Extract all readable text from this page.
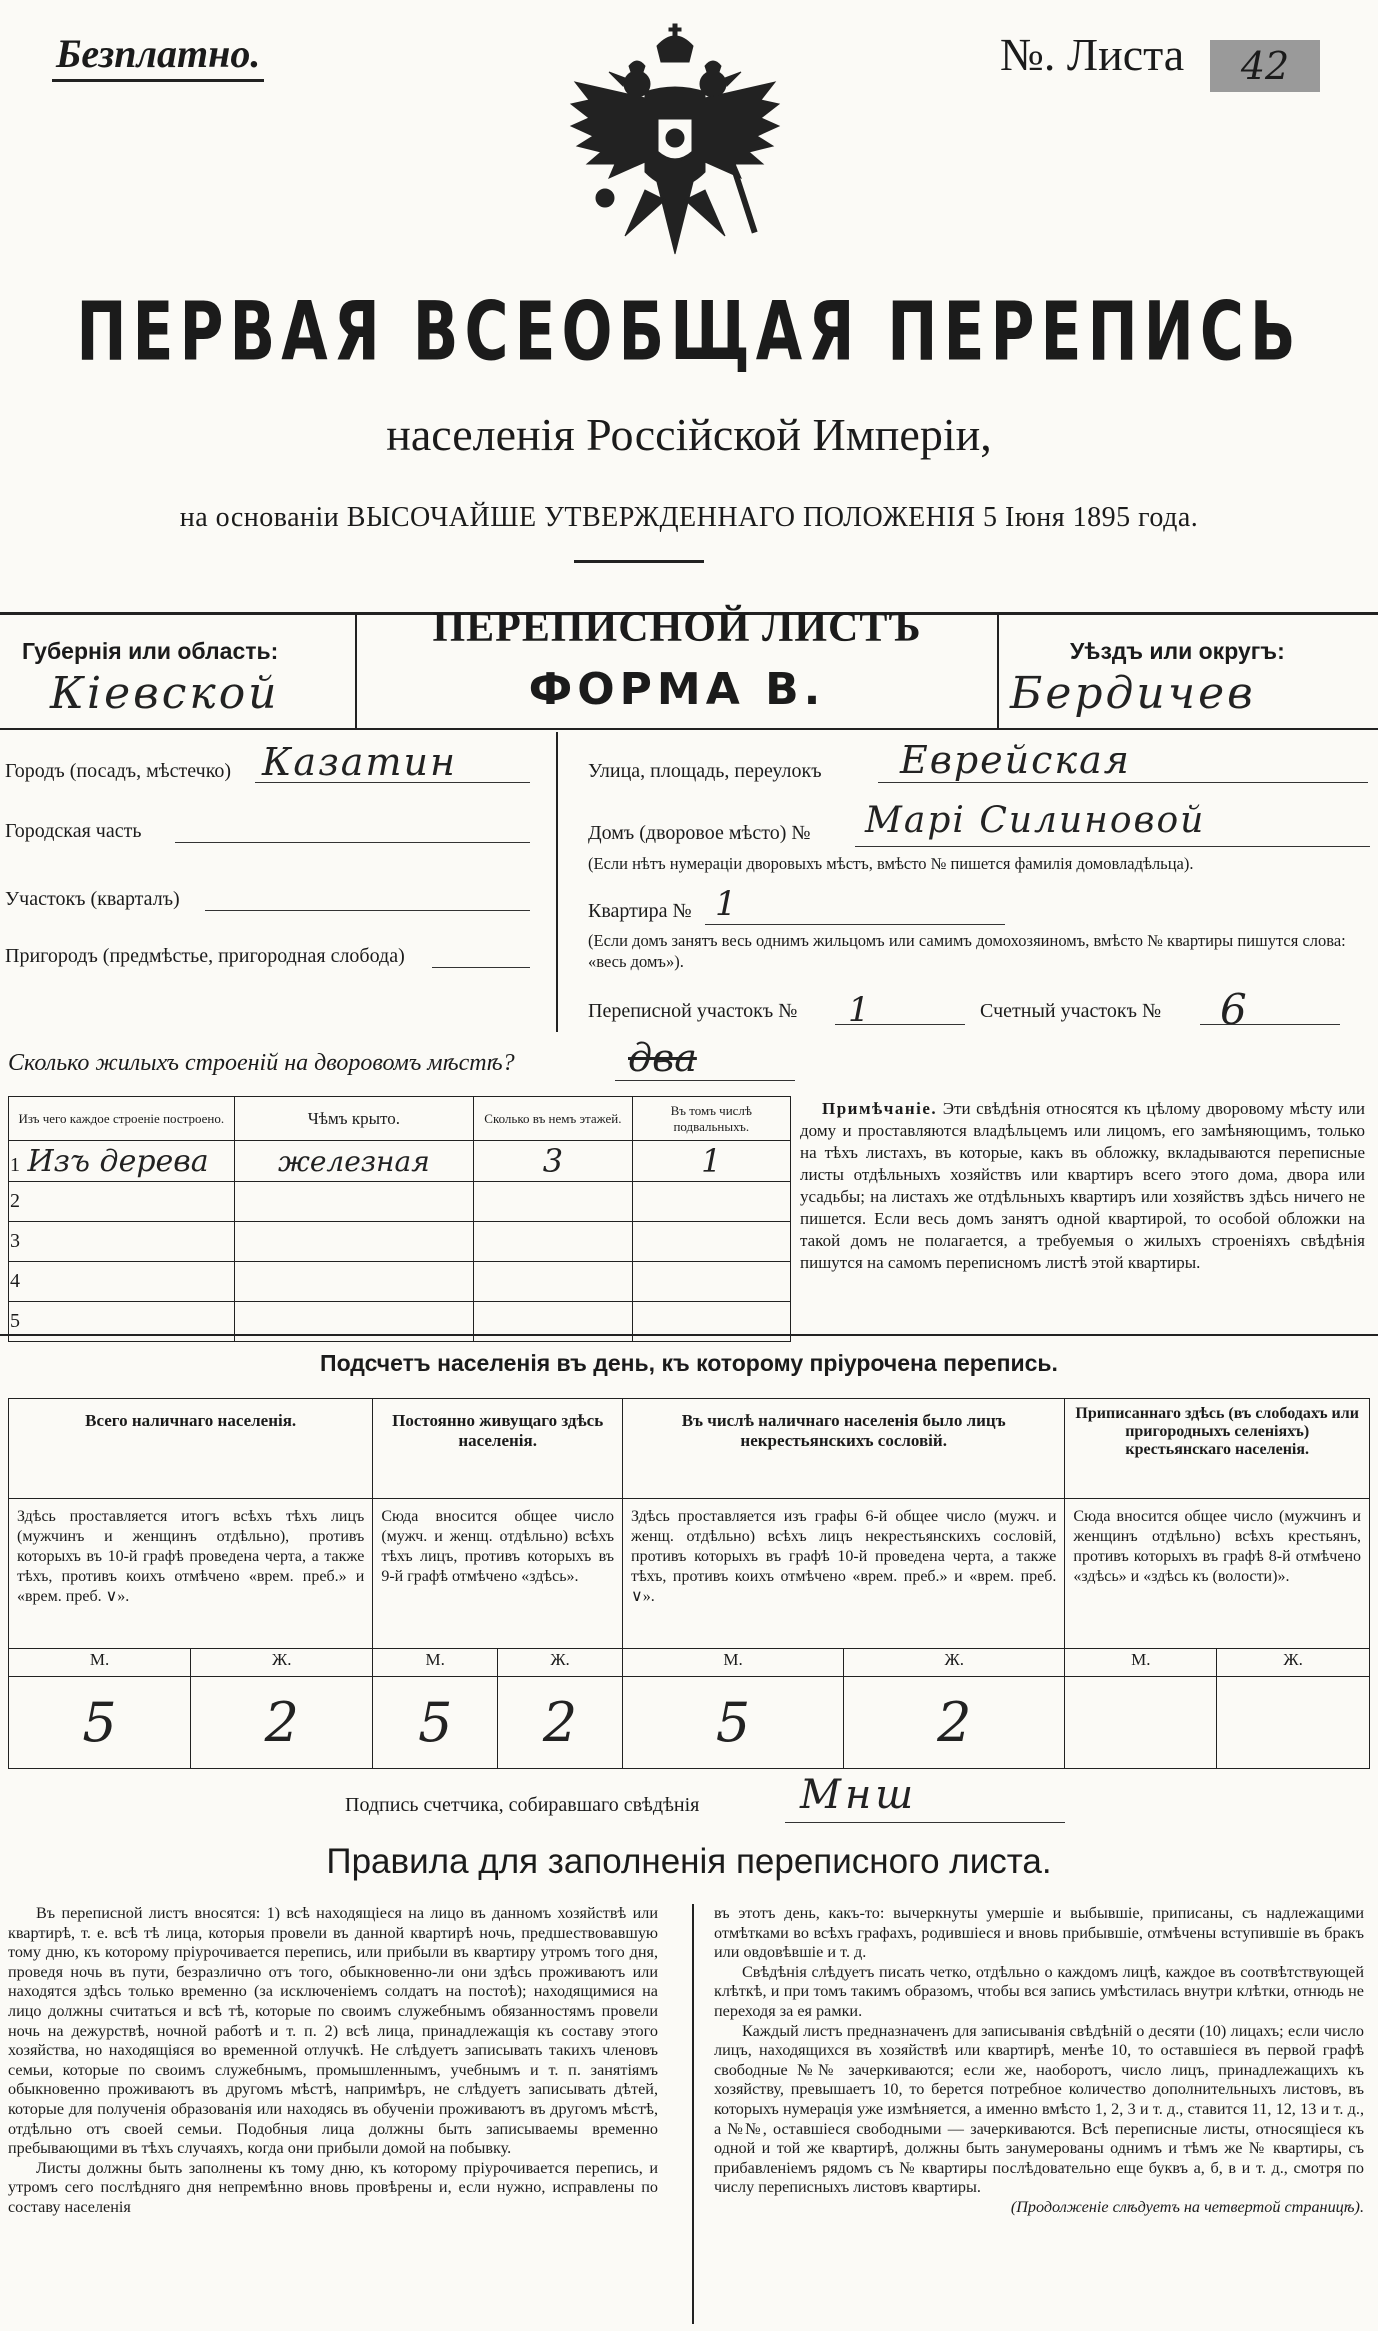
Безплатно.	№. Листа	42
ПЕРВАЯ ВСЕОБЩАЯ ПЕРЕПИСЬ
населенія Россійской Имперіи,
на основаніи ВЫСОЧАЙШЕ УТВЕРЖДЕННАГО ПОЛОЖЕНІЯ 5 Іюня 1895 года.
Губернія или область:
Кіевской
ПЕРЕПИСНОЙ ЛИСТЪ
ФОРМА В.
Уѣздъ или округъ:
Бердичев
Городъ (посадъ, мѣстечко) Казатин
Городская часть
Участокъ (кварталъ)
Пригородъ (предмѣстье, пригородная слобода)
Улица, площадь, переулокъ Еврейская
Домъ (дворовое мѣсто) № Марі Силиновой
(Если нѣтъ нумераціи дворовыхъ мѣстъ, вмѣсто № пишется фамилія домовладѣльца).
Квартира № 1
(Если домъ занятъ весь однимъ жильцомъ или самимъ домохозяиномъ, вмѣсто № квартиры пишутся слова: «весь домъ»).
Переписной участокъ № 1	Счетный участокъ № 6
Сколько жилыхъ строеній на дворовомъ мѣстѣ?	два
Изъ чего каждое строеніе построено.	Чѣмъ крыто.	Сколько въ немъ этажей.	Въ томъ числѣ подвальныхъ.
1 Изъ дерева	железная	3	1
2			
3			
4			
5			
Примѣчаніе. Эти свѣдѣнія относятся къ цѣлому дворовому мѣсту или дому и проставляются владѣльцемъ или лицомъ, его замѣняющимъ, только на тѣхъ листахъ, въ которые, какъ въ обложку, вкладываются переписные листы отдѣльныхъ хозяйствъ или квартиръ всего этого дома, двора или усадьбы; на листахъ же отдѣльныхъ квартиръ или хозяйствъ здѣсь ничего не пишется. Если весь домъ занятъ одной квартирой, то особой обложки на такой домъ не полагается, а требуемыя о жилыхъ строеніяхъ свѣдѣнія пишутся на самомъ переписномъ листѣ этой квартиры.
Подсчетъ населенія въ день, къ которому пріурочена перепись.
Всего наличнаго населенія.		Постоянно живущаго здѣсь населенія.		Въ числѣ наличнаго населенія было лицъ некрестьянскихъ сословій.		Приписаннаго здѣсь (въ слободахъ или пригородныхъ селеніяхъ) крестьянскаго населенія.	
Здѣсь проставляется итогъ всѣхъ тѣхъ лицъ (мужчинъ и женщинъ отдѣльно), противъ которыхъ въ 10-й графѣ проведена черта, а также тѣхъ, противъ коихъ отмѣчено «врем. преб.» и «врем. преб. ∨».		Сюда вносится общее число (мужч. и женщ. отдѣльно) всѣхъ тѣхъ лицъ, противъ которыхъ въ 9-й графѣ отмѣчено «здѣсь».		Здѣсь проставляется изъ графы 6-й общее число (мужч. и женщ. отдѣльно) всѣхъ лицъ некрестьянскихъ сословій, противъ которыхъ въ графѣ 10-й проведена черта, а также тѣхъ, противъ коихъ отмѣчено «врем. преб.» и «врем. преб. ∨».		Сюда вносится общее число (мужчинъ и женщинъ отдѣльно) всѣхъ крестьянъ, противъ которыхъ въ графѣ 8-й отмѣчено «здѣсь» и «здѣсь къ (волости)».	
М.	Ж.	М.	Ж.	М.	Ж.	М.	Ж.
5	2	5	2	5	2		
Подпись счетчика, собиравшаго свѣдѣнія	Мнш
Правила для заполненія переписного листа.

Въ переписной листъ вносятся: 1) всѣ находящіеся на лицо въ данномъ хозяйствѣ или квартирѣ, т. е. всѣ тѣ лица, которыя провели въ данной квартирѣ ночь, предшествовавшую тому дню, къ которому пріурочивается перепись, или прибыли въ квартиру утромъ того дня, проведя ночь въ пути, безразлично отъ того, обыкновенно-ли они здѣсь проживаютъ или находятся здѣсь только временно (за исключеніемъ солдатъ на постоѣ); находящимися на лицо должны считаться и всѣ тѣ, которые по своимъ служебнымъ обязанностямъ провели ночь на дежурствѣ, ночной работѣ и т. п. 2) всѣ лица, принадлежащія къ составу этого хозяйства, но находящіяся во временной отлучкѣ. Не слѣдуетъ записывать такихъ членовъ семьи, которые по своимъ служебнымъ, промышленнымъ, учебнымъ и т. п. занятіямъ обыкновенно проживаютъ въ другомъ мѣстѣ, напримѣръ, не слѣдуетъ записывать дѣтей, которые для полученія образованія или находясь въ обученіи проживаютъ въ другомъ мѣстѣ, отдѣльно отъ своей семьи. Подобныя лица должны быть записываемы временно пребывающими въ тѣхъ случаяхъ, когда они прибыли домой на побывку.

Листы должны быть заполнены къ тому дню, къ которому пріурочивается перепись, и утромъ сего послѣдняго дня непремѣнно вновь провѣрены и, если нужно, исправлены по составу населенія

въ этотъ день, какъ-то: вычеркнуты умершіе и выбывшіе, приписаны, съ надлежащими отмѣтками во всѣхъ графахъ, родившіеся и вновь прибывшіе, отмѣчены вступившіе въ бракъ или овдовѣвшіе и т. д.

Свѣдѣнія слѣдуетъ писать четко, отдѣльно о каждомъ лицѣ, каждое въ соотвѣтствующей клѣткѣ, и при томъ такимъ образомъ, чтобы вся запись умѣстилась внутри клѣтки, отнюдь не переходя за ея рамки.

Каждый листъ предназначенъ для записыванія свѣдѣній о десяти (10) лицахъ; если число лицъ, находящихся въ хозяйствѣ или квартирѣ, менѣе 10, то оставшіеся въ первой графѣ свободные №№ зачеркиваются; если же, наоборотъ, число лицъ, принадлежащихъ къ хозяйству, превышаетъ 10, то берется потребное количество дополнительныхъ листовъ, въ которыхъ нумерація уже измѣняется, а именно вмѣсто 1, 2, 3 и т. д., ставится 11, 12, 13 и т. д., а №№, оставшіеся свободными — зачеркиваются. Всѣ переписные листы, относящіеся къ одной и той же квартирѣ, должны быть занумерованы однимъ и тѣмъ же № квартиры, съ прибавленіемъ рядомъ съ № квартиры послѣдовательно еще буквъ а, б, в и т. д., смотря по числу переписныхъ листовъ квартиры.

(Продолженіе слѣдуетъ на четвертой страницѣ).
